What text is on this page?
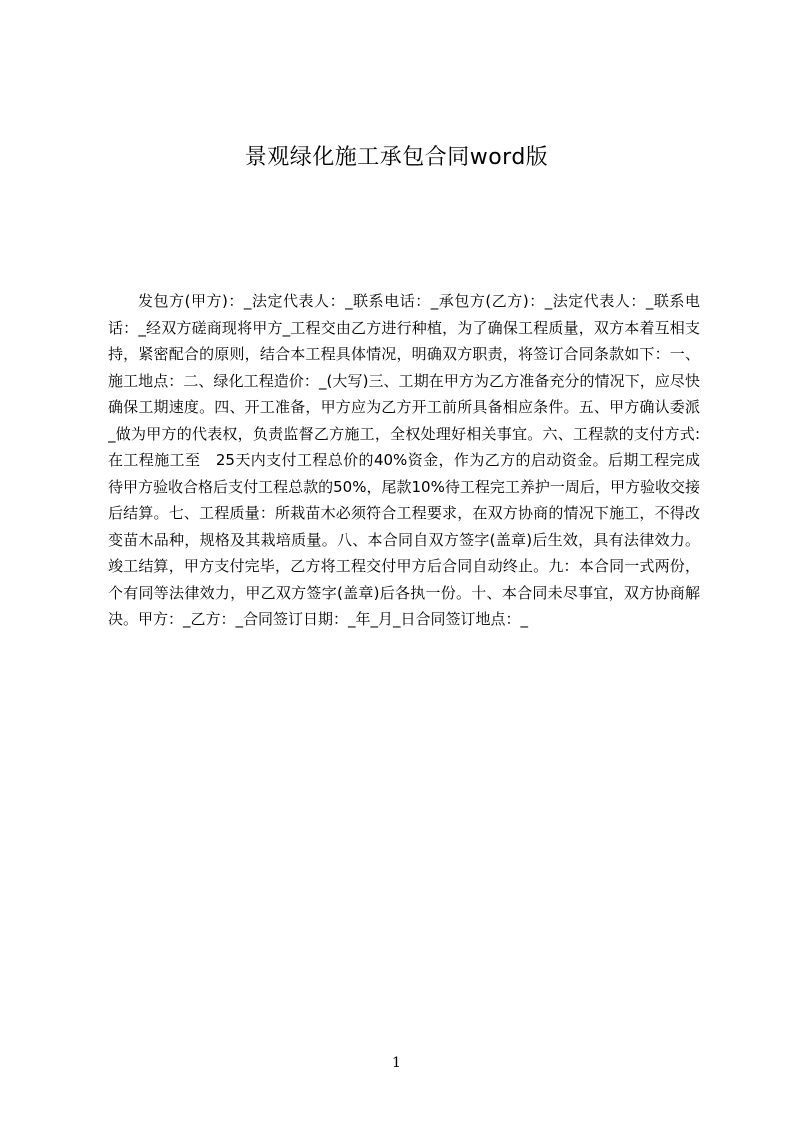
景观绿化施工承包合同word版

发包方(甲方)：_法定代表人：_联系电话：_承包方(乙方)：_法定代表人：_联系电话：_经双方磋商现将甲方_工程交由乙方进行种植，为了确保工程质量，双方本着互相支持，紧密配合的原则，结合本工程具体情况，明确双方职责，将签订合同条款如下：一、施工地点：二、绿化工程造价：_(大写)三、工期在甲方为乙方准备充分的情况下，应尽快确保工期速度。四、开工准备，甲方应为乙方开工前所具备相应条件。五、甲方确认委派_做为甲方的代表权，负责监督乙方施工，全权处理好相关事宜。六、工程款的支付方式:在工程施工至　25天内支付工程总价的40%资金，作为乙方的启动资金。后期工程完成待甲方验收合格后支付工程总款的50%，尾款10%待工程完工养护一周后，甲方验收交接后结算。七、工程质量：所栽苗木必须符合工程要求，在双方协商的情况下施工，不得改变苗木品种，规格及其栽培质量。八、本合同自双方签字(盖章)后生效，具有法律效力。竣工结算，甲方支付完毕，乙方将工程交付甲方后合同自动终止。九：本合同一式两份，个有同等法律效力，甲乙双方签字(盖章)后各执一份。十、本合同未尽事宜，双方协商解决。甲方：_乙方：_合同签订日期：_年_月_日合同签订地点：_

1
